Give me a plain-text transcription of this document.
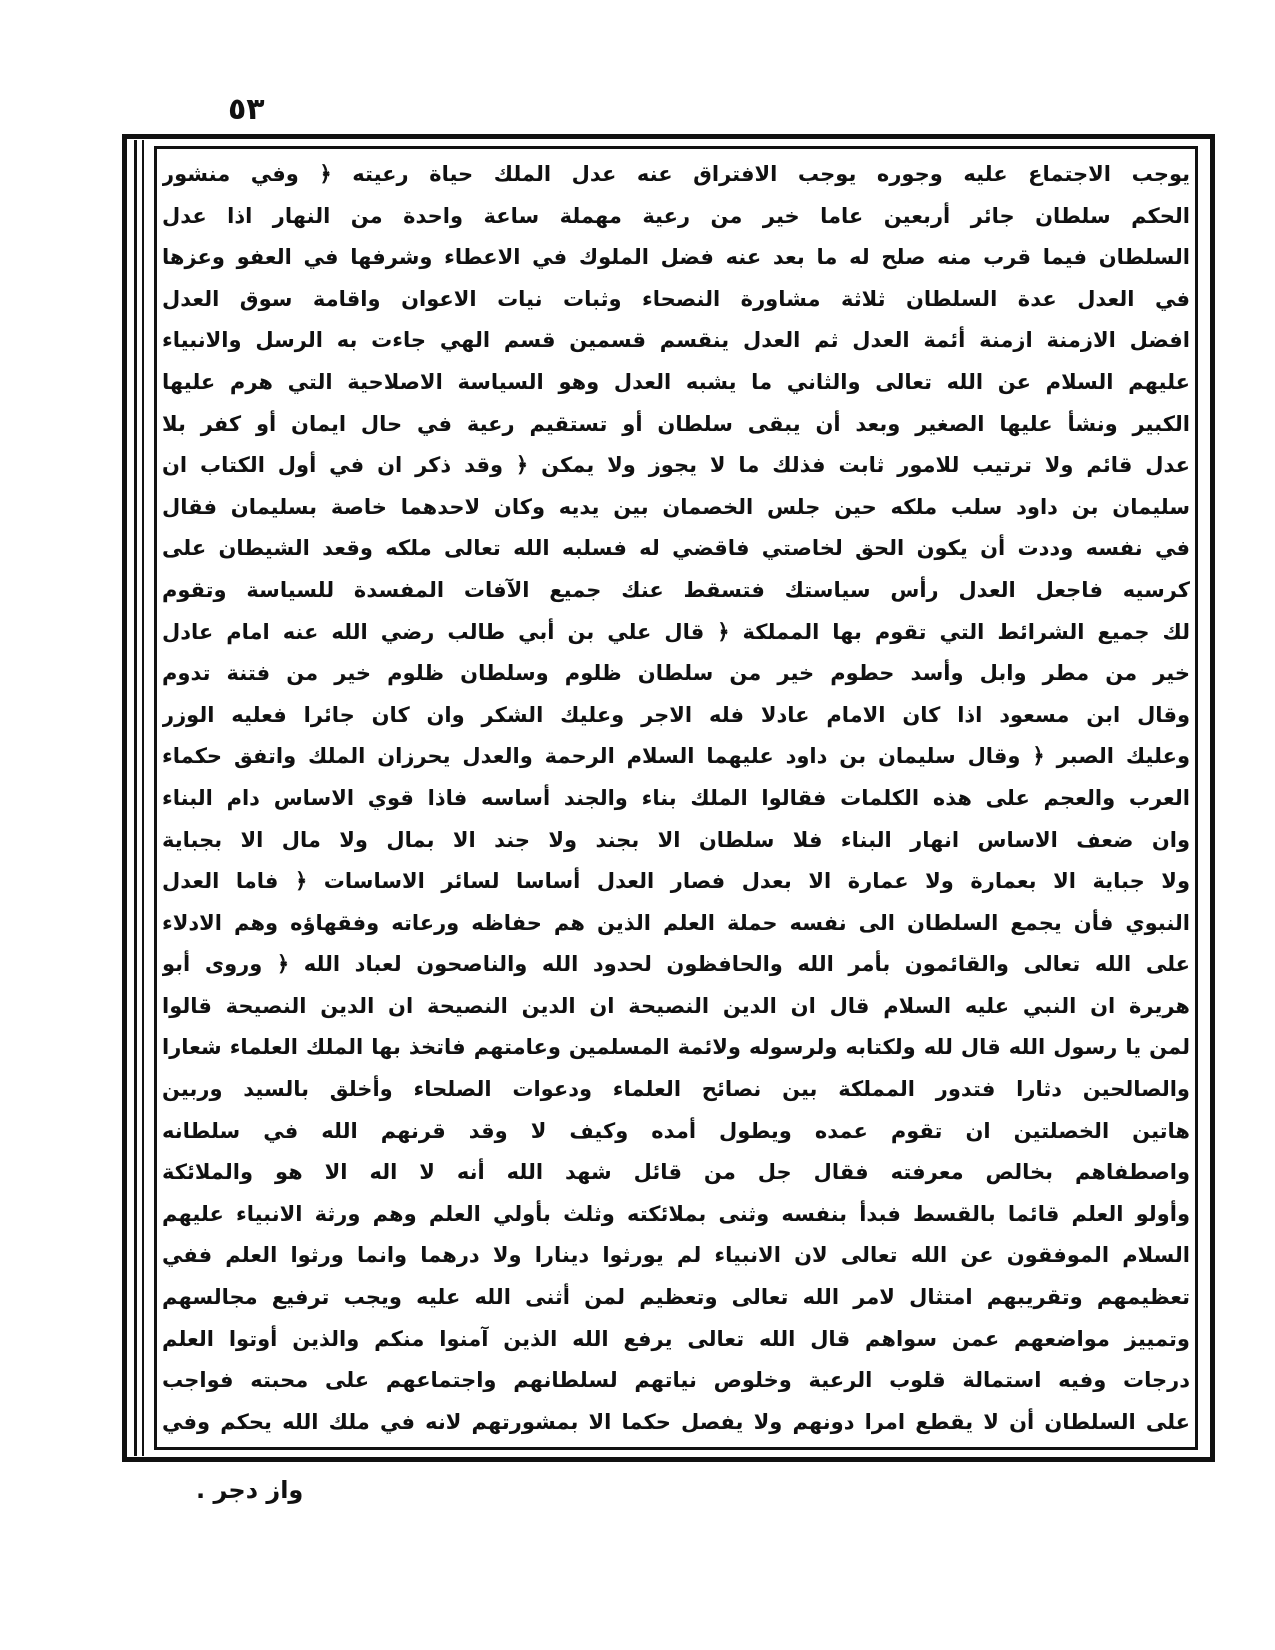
٥٣
يوجب الاجتماع عليه وجوره يوجب الافتراق عنه عدل الملك حياة رعيته ﴿ وفي منشور
الحكم سلطان جائر أربعين عاما خير من رعية مهملة ساعة واحدة من النهار اذا عدل
السلطان فيما قرب منه صلح له ما بعد عنه فضل الملوك في الاعطاء وشرفها في العفو وعزها
في العدل عدة السلطان ثلاثة مشاورة النصحاء وثبات نيات الاعوان واقامة سوق العدل
افضل الازمنة ازمنة أئمة العدل ثم العدل ينقسم قسمين قسم الهي جاءت به الرسل والانبياء
عليهم السلام عن الله تعالى والثاني ما يشبه العدل وهو السياسة الاصلاحية التي هرم عليها
الكبير ونشأ عليها الصغير وبعد أن يبقى سلطان أو تستقيم رعية في حال ايمان أو كفر بلا
عدل قائم ولا ترتيب للامور ثابت فذلك ما لا يجوز ولا يمكن ﴿ وقد ذكر ان في أول الكتاب ان
سليمان بن داود سلب ملكه حين جلس الخصمان بين يديه وكان لاحدهما خاصة بسليمان فقال
في نفسه وددت أن يكون الحق لخاصتي فاقضي له فسلبه الله تعالى ملكه وقعد الشيطان على
كرسيه فاجعل العدل رأس سياستك فتسقط عنك جميع الآفات المفسدة للسياسة وتقوم
لك جميع الشرائط التي تقوم بها المملكة ﴿ قال علي بن أبي طالب رضي الله عنه امام عادل
خير من مطر وابل وأسد حطوم خير من سلطان ظلوم وسلطان ظلوم خير من فتنة تدوم
وقال ابن مسعود اذا كان الامام عادلا فله الاجر وعليك الشكر وان كان جائرا فعليه الوزر
وعليك الصبر ﴿ وقال سليمان بن داود عليهما السلام الرحمة والعدل يحرزان الملك واتفق حكماء
العرب والعجم على هذه الكلمات فقالوا الملك بناء والجند أساسه فاذا قوي الاساس دام البناء
وان ضعف الاساس انهار البناء فلا سلطان الا بجند ولا جند الا بمال ولا مال الا بجباية
ولا جباية الا بعمارة ولا عمارة الا بعدل فصار العدل أساسا لسائر الاساسات ﴿ فاما العدل
النبوي فأن يجمع السلطان الى نفسه حملة العلم الذين هم حفاظه ورعاته وفقهاؤه وهم الادلاء
على الله تعالى والقائمون بأمر الله والحافظون لحدود الله والناصحون لعباد الله ﴿ وروى أبو
هريرة ان النبي عليه السلام قال ان الدين النصيحة ان الدين النصيحة ان الدين النصيحة قالوا
لمن يا رسول الله قال لله ولكتابه ولرسوله ولائمة المسلمين وعامتهم فاتخذ بها الملك العلماء شعارا
والصالحين دثارا فتدور المملكة بين نصائح العلماء ودعوات الصلحاء وأخلق بالسيد وربين
هاتين الخصلتين ان تقوم عمده ويطول أمده وكيف لا وقد قرنهم الله في سلطانه
واصطفاهم بخالص معرفته فقال جل من قائل شهد الله أنه لا اله الا هو والملائكة
وأولو العلم قائما بالقسط فبدأ بنفسه وثنى بملائكته وثلث بأولي العلم وهم ورثة الانبياء عليهم
السلام الموفقون عن الله تعالى لان الانبياء لم يورثوا دينارا ولا درهما وانما ورثوا العلم ففي
تعظيمهم وتقريبهم امتثال لامر الله تعالى وتعظيم لمن أثنى الله عليه ويجب ترفيع مجالسهم
وتمييز مواضعهم عمن سواهم قال الله تعالى يرفع الله الذين آمنوا منكم والذين أوتوا العلم
درجات وفيه استمالة قلوب الرعية وخلوص نياتهم لسلطانهم واجتماعهم على محبته فواجب
على السلطان أن لا يقطع امرا دونهم ولا يفصل حكما الا بمشورتهم لانه في ملك الله يحكم وفي
واز دجر .
